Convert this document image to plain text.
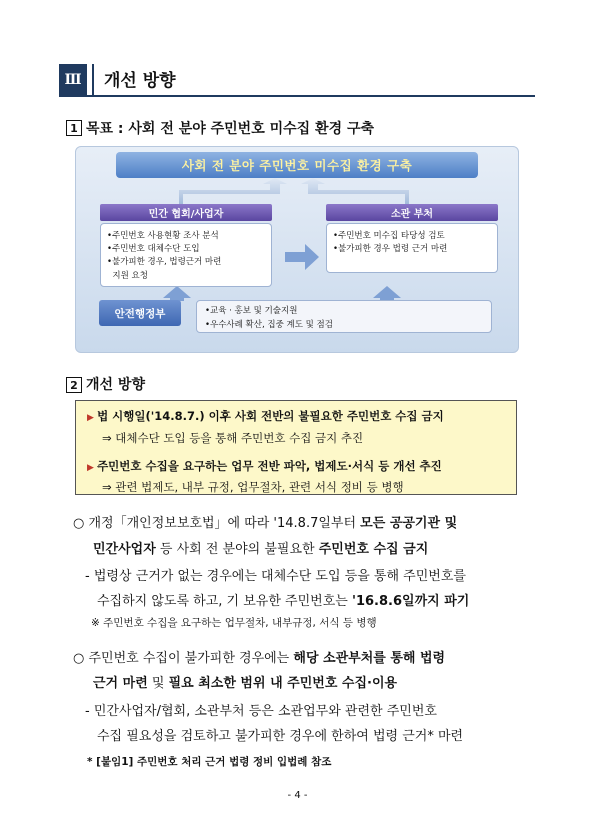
Ⅲ	개선 방향
1 목표 : 사회 전 분야 주민번호 미수집 환경 구축
사회 전 분야 주민번호 미수집 환경 구축
민간 협회/사업자
•주민번호 사용현황 조사 분석
•주민번호 대체수단 도입
•불가피한 경우, 법령근거 마련
지원 요청
소관 부처
•주민번호 미수집 타당성 검토
•불가피한 경우 법령 근거 마련
안전행정부	•교육 · 홍보 및 기술지원
•우수사례 확산, 집중 계도 및 점검
2 개선 방향
▶ 법 시행일('14.8.7.) 이후 사회 전반의 불필요한 주민번호 수집 금지
⇒ 대체수단 도입 등을 통해 주민번호 수집 금지 추진
▶ 주민번호 수집을 요구하는 업무 전반 파악, 법제도·서식 등 개선 추진
⇒ 관련 법제도, 내부 규정, 업무절차, 관련 서식 정비 등 병행
○ 개정「개인정보보호법」에 따라 '14.8.7일부터 모든 공공기관 및
민간사업자 등 사회 전 분야의 불필요한 주민번호 수집 금지
- 법령상 근거가 없는 경우에는 대체수단 도입 등을 통해 주민번호를
수집하지 않도록 하고, 기 보유한 주민번호는 '16.8.6일까지 파기
※ 주민번호 수집을 요구하는 업무절차, 내부규정, 서식 등 병행
○ 주민번호 수집이 불가피한 경우에는 해당 소관부처를 통해 법령
근거 마련 및 필요 최소한 범위 내 주민번호 수집·이용
- 민간사업자/협회, 소관부처 등은 소관업무와 관련한 주민번호
수집 필요성을 검토하고 불가피한 경우에 한하여 법령 근거* 마련
* [붙임1] 주민번호 처리 근거 법령 정비 입법례 참조
- 4 -
